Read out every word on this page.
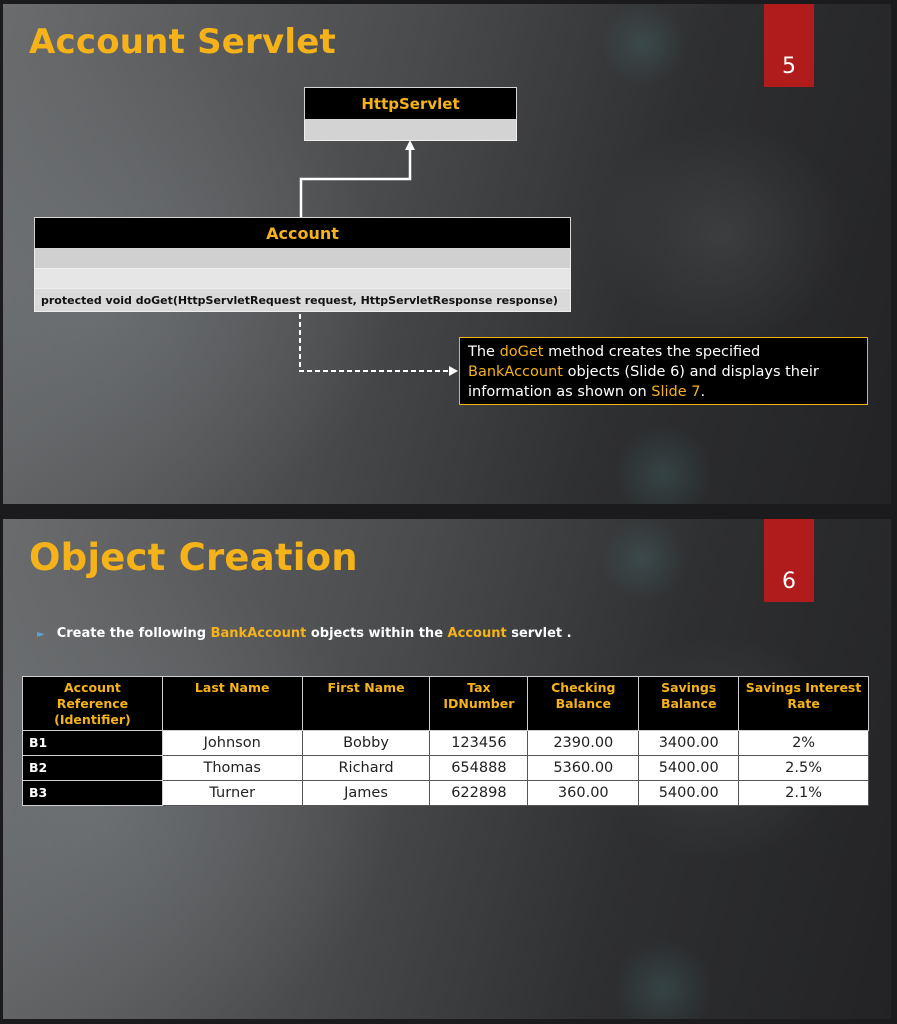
Account Servlet
5
HttpServlet
Account
protected void doGet(HttpServletRequest request, HttpServletResponse response)
The doGet method creates the specified BankAccount objects (Slide 6) and displays their information as shown on Slide 7.
Object Creation
6
► Create the following BankAccount objects within the Account servlet .
Account Reference (Identifier)	Last Name	First Name	Tax IDNumber	Checking Balance	Savings Balance	Savings Interest Rate
B1	Johnson	Bobby	123456	2390.00	3400.00	2%
B2	Thomas	Richard	654888	5360.00	5400.00	2.5%
B3	Turner	James	622898	360.00	5400.00	2.1%
